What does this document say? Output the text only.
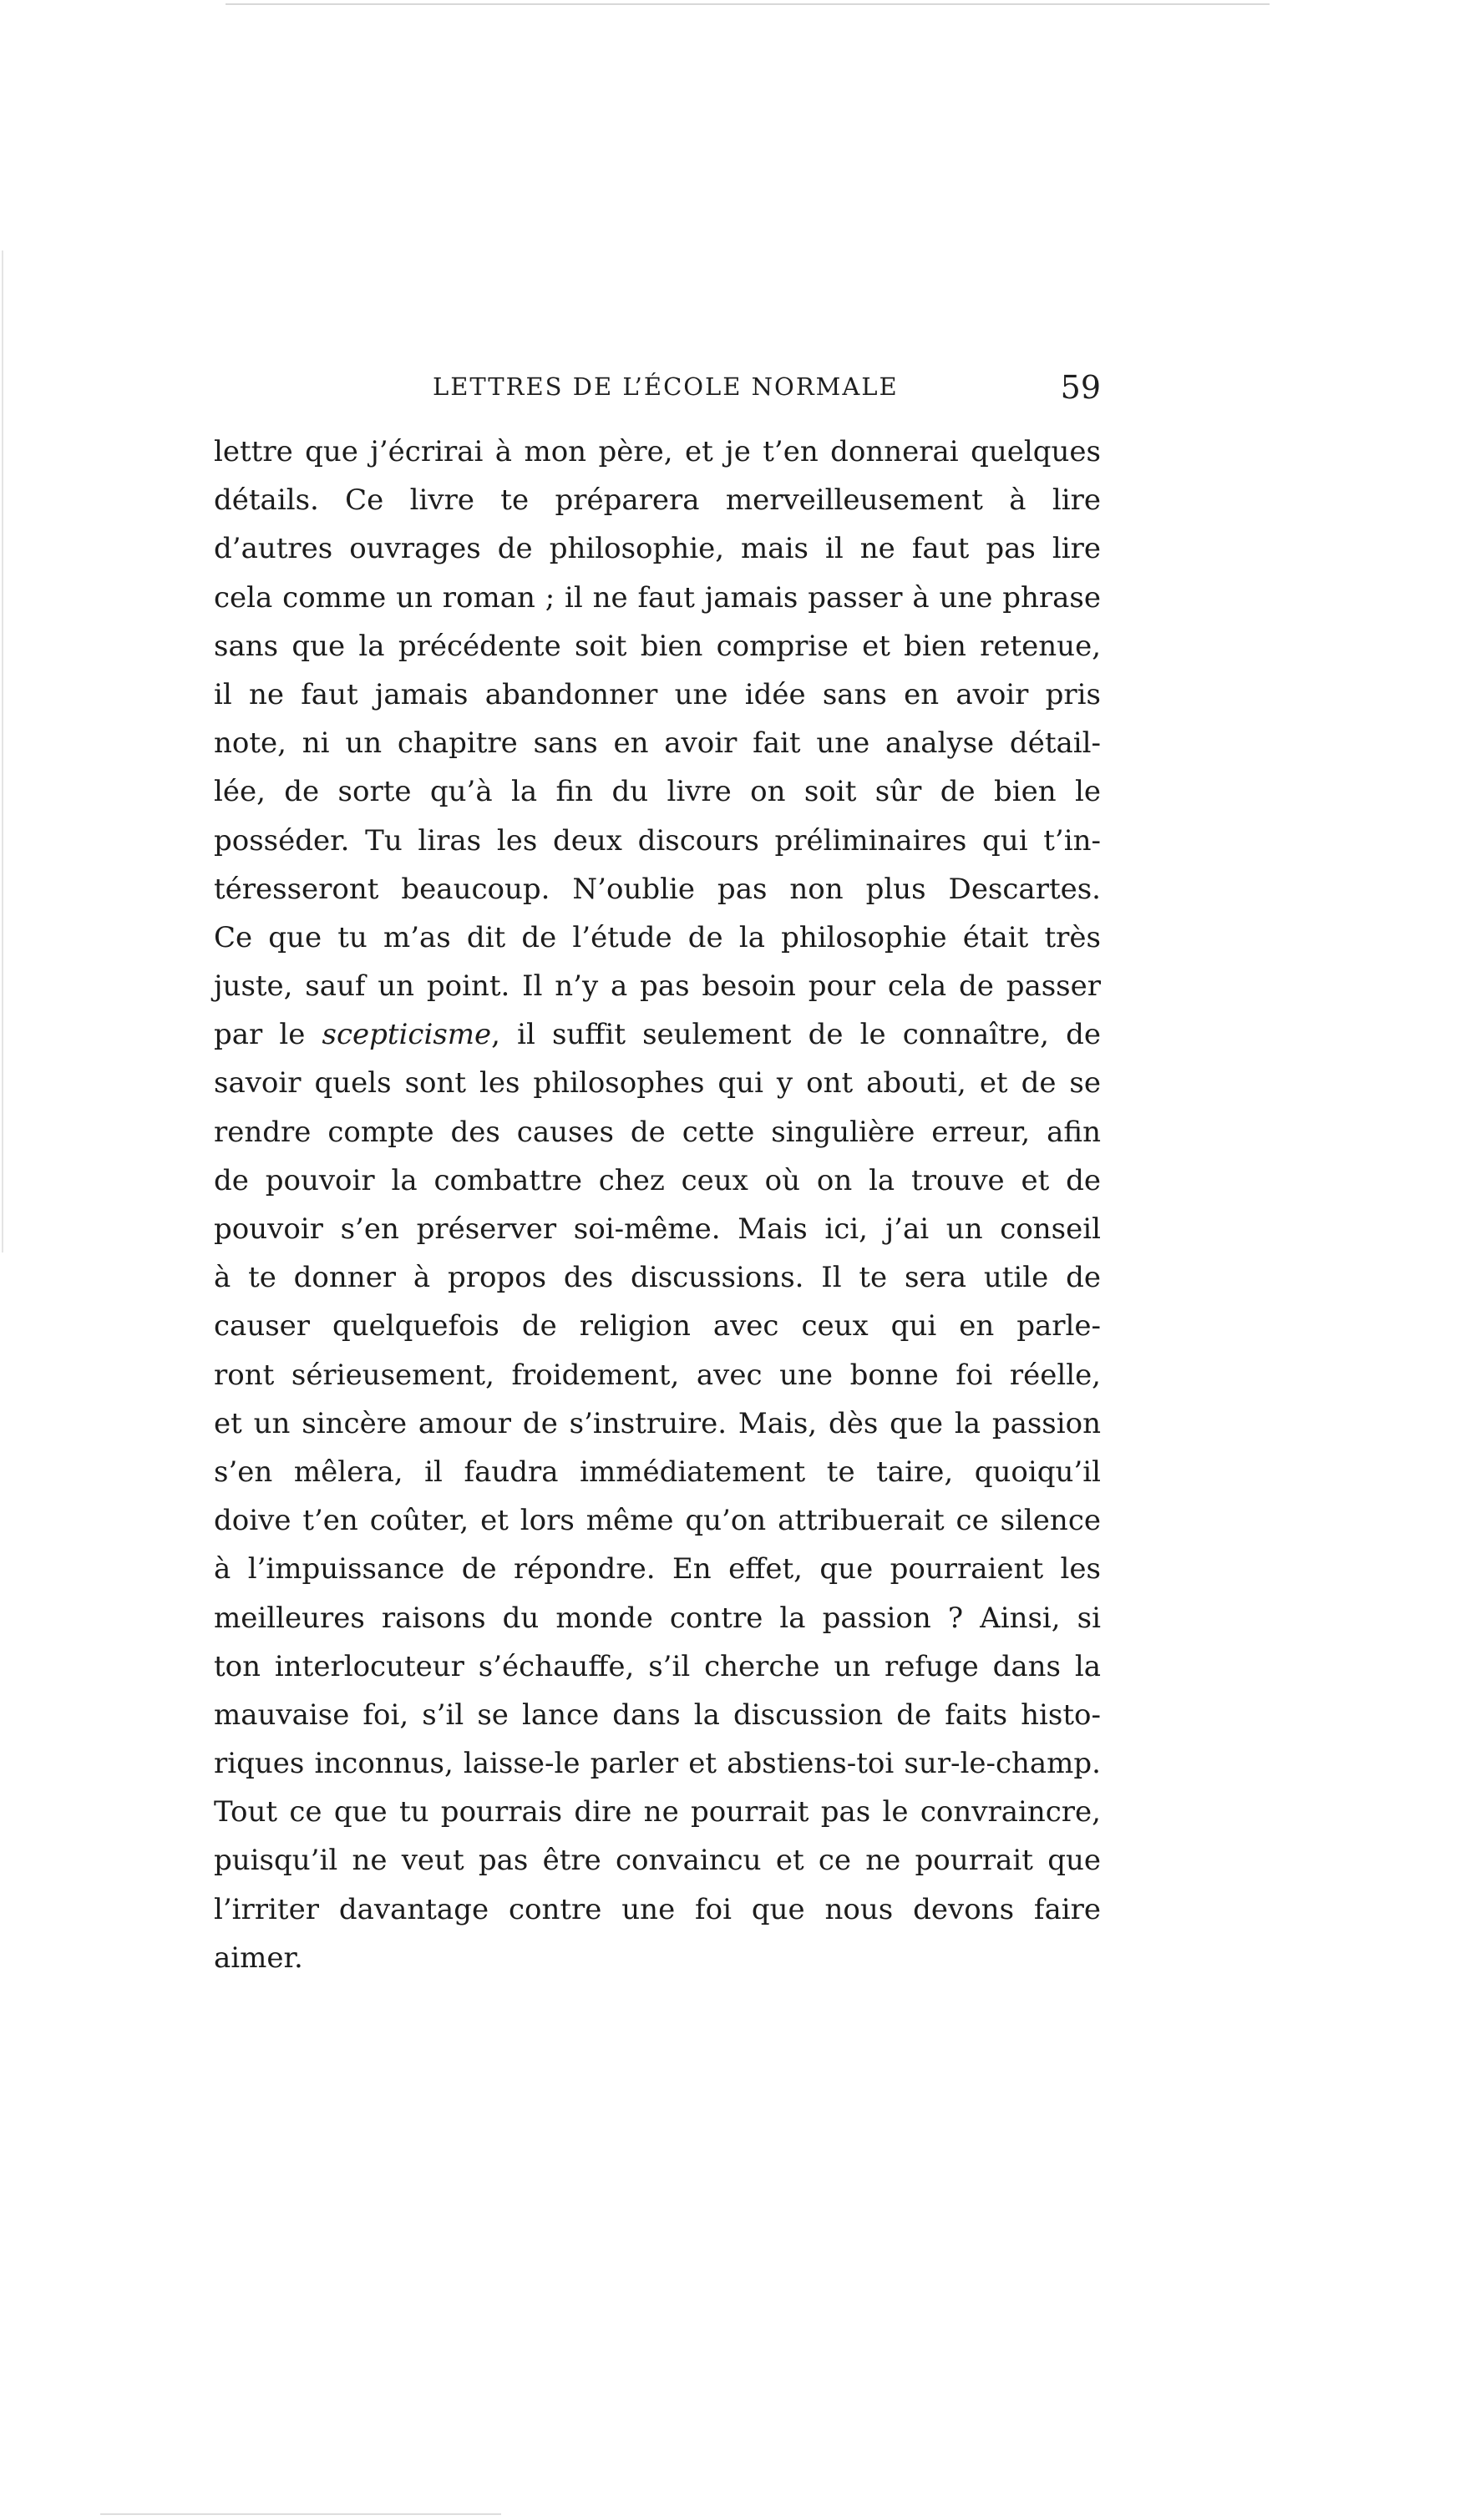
LETTRES DE L’ÉCOLE NORMALE	59
lettre que j’écrirai à mon père, et je t’en donnerai quelques
détails. Ce livre te préparera merveilleusement à lire
d’autres ouvrages de philosophie, mais il ne faut pas lire
cela comme un roman ; il ne faut jamais passer à une phrase
sans que la précédente soit bien comprise et bien retenue,
il ne faut jamais abandonner une idée sans en avoir pris
note, ni un chapitre sans en avoir fait une analyse détail-
lée, de sorte qu’à la fin du livre on soit sûr de bien le
posséder. Tu liras les deux discours préliminaires qui t’in-
téresseront beaucoup. N’oublie pas non plus Descartes.
Ce que tu m’as dit de l’étude de la philosophie était très
juste, sauf un point. Il n’y a pas besoin pour cela de passer
par le scepticisme, il suffit seulement de le connaître, de
savoir quels sont les philosophes qui y ont abouti, et de se
rendre compte des causes de cette singulière erreur, afin
de pouvoir la combattre chez ceux où on la trouve et de
pouvoir s’en préserver soi-même. Mais ici, j’ai un conseil
à te donner à propos des discussions. Il te sera utile de
causer quelquefois de religion avec ceux qui en parle-
ront sérieusement, froidement, avec une bonne foi réelle,
et un sincère amour de s’instruire. Mais, dès que la passion
s’en mêlera, il faudra immédiatement te taire, quoiqu’il
doive t’en coûter, et lors même qu’on attribuerait ce silence
à l’impuissance de répondre. En effet, que pourraient les
meilleures raisons du monde contre la passion ? Ainsi, si
ton interlocuteur s’échauffe, s’il cherche un refuge dans la
mauvaise foi, s’il se lance dans la discussion de faits histo-
riques inconnus, laisse-le parler et abstiens-toi sur-le-champ.
Tout ce que tu pourrais dire ne pourrait pas le convraincre,
puisqu’il ne veut pas être convaincu et ce ne pourrait que
l’irriter davantage contre une foi que nous devons faire
aimer.
